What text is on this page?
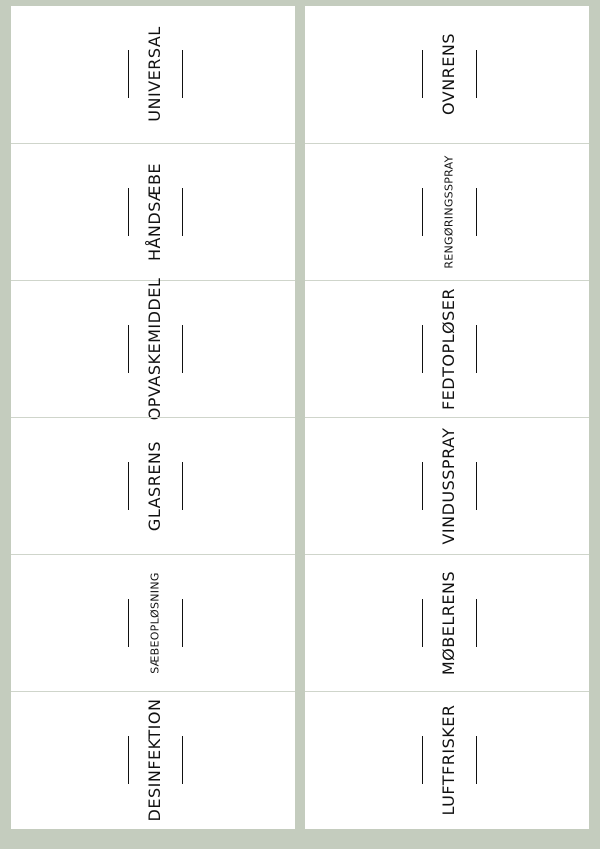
UNIVERSAL
HÅNDSÆBE
OPVASKEMIDDEL
GLASRENS
SÆBEOPLØSNING
DESINFEKTION
OVNRENS
RENGØRINGSSPRAY
FEDTOPLØSER
VINDUSSPRAY
MØBELRENS
LUFTFRISKER
